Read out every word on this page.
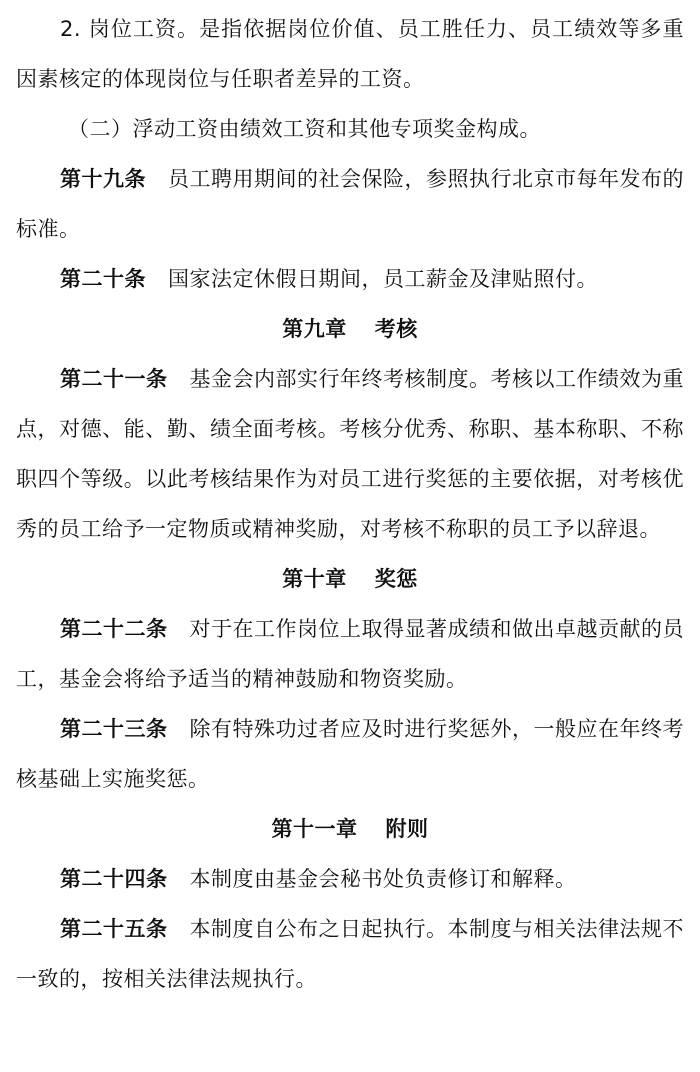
2. 岗位工资。是指依据岗位价值、员工胜任力、员工绩效等多重因素核定的体现岗位与任职者差异的工资。

（二）浮动工资由绩效工资和其他专项奖金构成。

第十九条 员工聘用期间的社会保险，参照执行北京市每年发布的标准。

第二十条 国家法定休假日期间，员工薪金及津贴照付。

第九章 考核

第二十一条 基金会内部实行年终考核制度。考核以工作绩效为重点，对德、能、勤、绩全面考核。考核分优秀、称职、基本称职、不称职四个等级。以此考核结果作为对员工进行奖惩的主要依据，对考核优秀的员工给予一定物质或精神奖励，对考核不称职的员工予以辞退。

第十章 奖惩

第二十二条 对于在工作岗位上取得显著成绩和做出卓越贡献的员工，基金会将给予适当的精神鼓励和物资奖励。

第二十三条 除有特殊功过者应及时进行奖惩外，一般应在年终考核基础上实施奖惩。

第十一章 附则

第二十四条 本制度由基金会秘书处负责修订和解释。

第二十五条 本制度自公布之日起执行。本制度与相关法律法规不一致的，按相关法律法规执行。
